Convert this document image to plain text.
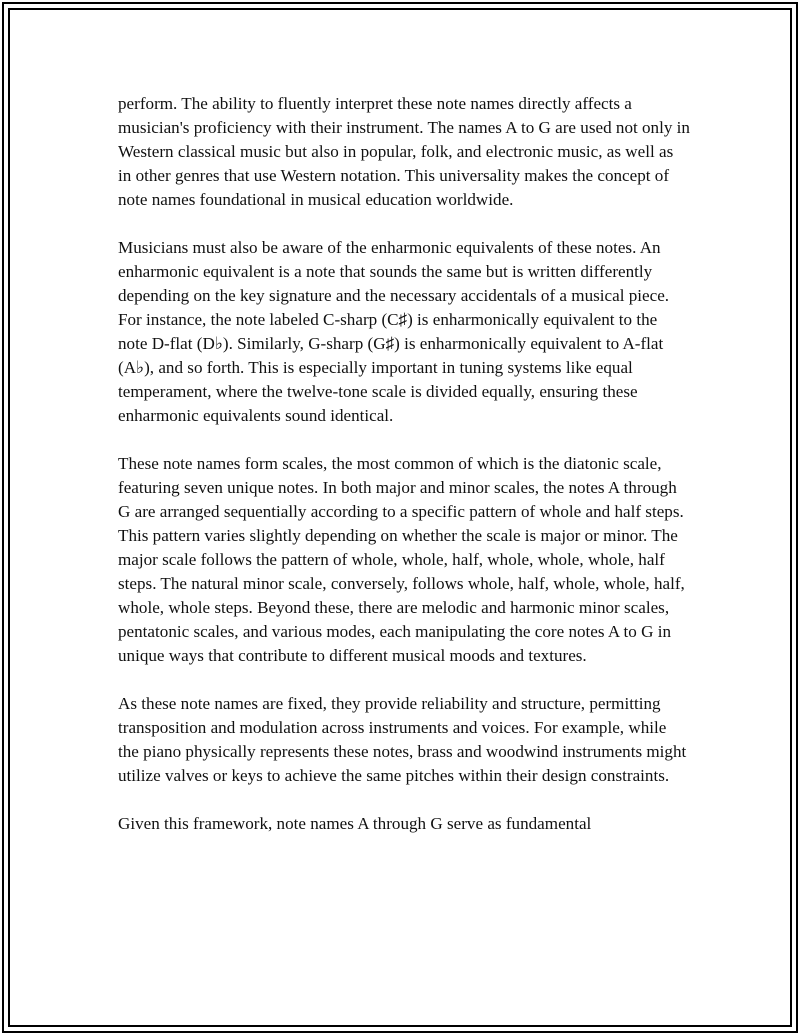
perform. The ability to fluently interpret these note names directly affects a musician's proficiency with their instrument. The names A to G are used not only in Western classical music but also in popular, folk, and electronic music, as well as in other genres that use Western notation. This universality makes the concept of note names foundational in musical education worldwide.

Musicians must also be aware of the enharmonic equivalents of these notes. An enharmonic equivalent is a note that sounds the same but is written differently depending on the key signature and the necessary accidentals of a musical piece. For instance, the note labeled C-sharp (C♯) is enharmonically equivalent to the note D-flat (D♭). Similarly, G-sharp (G♯) is enharmonically equivalent to A-flat (A♭), and so forth. This is especially important in tuning systems like equal temperament, where the twelve-tone scale is divided equally, ensuring these enharmonic equivalents sound identical.

These note names form scales, the most common of which is the diatonic scale, featuring seven unique notes. In both major and minor scales, the notes A through G are arranged sequentially according to a specific pattern of whole and half steps. This pattern varies slightly depending on whether the scale is major or minor. The major scale follows the pattern of whole, whole, half, whole, whole, whole, half steps. The natural minor scale, conversely, follows whole, half, whole, whole, half, whole, whole steps. Beyond these, there are melodic and harmonic minor scales, pentatonic scales, and various modes, each manipulating the core notes A to G in unique ways that contribute to different musical moods and textures.

As these note names are fixed, they provide reliability and structure, permitting transposition and modulation across instruments and voices. For example, while the piano physically represents these notes, brass and woodwind instruments might utilize valves or keys to achieve the same pitches within their design constraints.

Given this framework, note names A through G serve as fundamental
